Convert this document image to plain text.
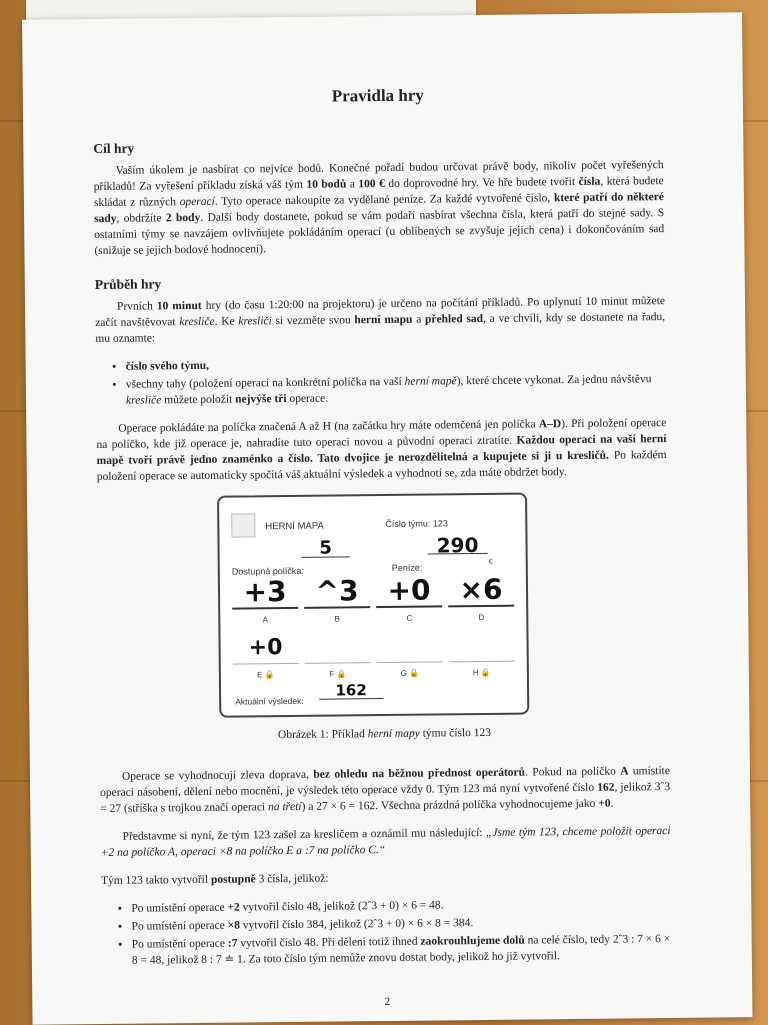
Pravidla hry
Cíl hry

Vaším úkolem je nasbírat co nejvíce bodů. Konečné pořadí budou určovat právě body, nikoliv počet vyřešených příkladů! Za vyřešení příkladu získá váš tým 10 bodů a 100 € do doprovodné hry. Ve hře budete tvořit čísla, která budete skládat z různých operací. Tyto operace nakoupíte za vydělané peníze. Za každé vytvořené číslo, které patří do některé sady, obdržíte 2 body. Další body dostanete, pokud se vám podaří nasbírat všechna čísla, která patří do stejné sady. S ostatními týmy se navzájem ovlivňujete pokládáním operací (u oblíbených se zvyšuje jejich cena) i dokončováním sad (snižuje se jejich bodové hodnocení).

Průběh hry

Prvních 10 minut hry (do času 1:20:00 na projektoru) je určeno na počítání příkladů. Po uplynutí 10 minut můžete začít navštěvovat kresliče. Ke kresliči si vezměte svou herní mapu a přehled sad, a ve chvíli, kdy se dostanete na řadu, mu oznamte:

• číslo svého týmu,
• všechny tahy (položení operací na konkrétní políčka na vaší herní mapě), které chcete vykonat. Za jednu návštěvu kresliče můžete položit nejvýše tři operace.

Operace pokládáte na políčka značená A až H (na začátku hry máte odemčená jen políčka A–D). Při položení operace na políčko, kde již operace je, nahradíte tuto operaci novou a původní operaci ztratíte. Každou operaci na vaší herní mapě tvoří právě jedno znaménko a číslo. Tato dvojice je nerozdělitelná a kupujete si ji u kresličů. Po každém položení operace se automaticky spočítá váš aktuální výsledek a vyhodnotí se, zda máte obdržet body.

HERNÍ MAPA	Číslo týmu: 123
5
Dostupná políčka:
290
€
Peníze:
+3
A
^3
B
+0
C
×6
D
+0
E 🔒	F 🔒	G 🔒	H 🔒
Aktuální výsledek:
162
Obrázek 1: Příklad herní mapy týmu číslo 123

Operace se vyhodnocují zleva doprava, bez ohledu na běžnou přednost operátorů. Pokud na políčko A umístíte operaci násobení, dělení nebo mocnění, je výsledek této operace vždy 0. Tým 123 má nyní vytvořené číslo 162, jelikož 3ˆ3 = 27 (stříška s trojkou značí operaci na třetí) a 27 × 6 = 162. Všechna prázdná políčka vyhodnocujeme jako +0.

Představme si nyní, že tým 123 zašel za kresličem a oznámil mu následující: „Jsme tým 123, chceme položit operaci +2 na políčko A, operaci ×8 na políčko E a :7 na políčko C.“

Tým 123 takto vytvořil postupně 3 čísla, jelikož:

• Po umístění operace +2 vytvořil číslo 48, jelikož (2ˆ3 + 0) × 6 = 48.
• Po umístění operace ×8 vytvořil číslo 384, jelikož (2ˆ3 + 0) × 6 × 8 = 384.
• Po umístění operace :7 vytvořil číslo 48. Při dělení totiž ihned zaokrouhlujeme dolů na celé číslo, tedy 2ˆ3 : 7 × 6 × 8 = 48, jelikož 8 : 7 ≐ 1. Za toto číslo tým nemůže znovu dostat body, jelikož ho již vytvořil.
2
